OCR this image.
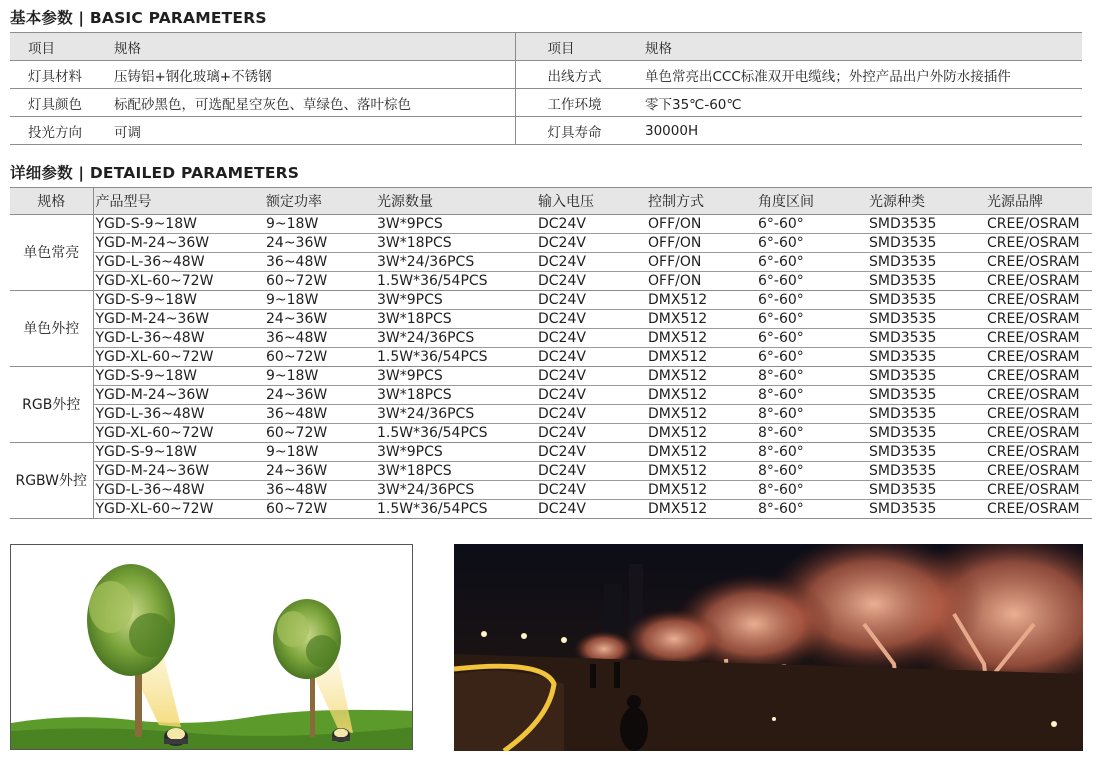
基本参数 | BASIC PARAMETERS
项目	规格	项目	规格
灯具材料	压铸铝+钢化玻璃+不锈钢	出线方式	单色常亮出CCC标准双开电缆线；外控产品出户外防水接插件
灯具颜色	标配砂黑色，可选配星空灰色、草绿色、落叶棕色	工作环境	零下35℃-60℃
投光方向	可调	灯具寿命	30000H
详细参数 | DETAILED PARAMETERS
规格	产品型号	额定功率	光源数量	输入电压	控制方式	角度区间	光源种类	光源品牌
单色常亮	YGD-S-9~18W	9~18W	3W*9PCS	DC24V	OFF/ON	6°-60°	SMD3535	CREE/OSRAM
	YGD-M-24~36W	24~36W	3W*18PCS	DC24V	OFF/ON	6°-60°	SMD3535	CREE/OSRAM
	YGD-L-36~48W	36~48W	3W*24/36PCS	DC24V	OFF/ON	6°-60°	SMD3535	CREE/OSRAM
	YGD-XL-60~72W	60~72W	1.5W*36/54PCS	DC24V	OFF/ON	6°-60°	SMD3535	CREE/OSRAM
单色外控	YGD-S-9~18W	9~18W	3W*9PCS	DC24V	DMX512	6°-60°	SMD3535	CREE/OSRAM
	YGD-M-24~36W	24~36W	3W*18PCS	DC24V	DMX512	6°-60°	SMD3535	CREE/OSRAM
	YGD-L-36~48W	36~48W	3W*24/36PCS	DC24V	DMX512	6°-60°	SMD3535	CREE/OSRAM
	YGD-XL-60~72W	60~72W	1.5W*36/54PCS	DC24V	DMX512	6°-60°	SMD3535	CREE/OSRAM
RGB外控	YGD-S-9~18W	9~18W	3W*9PCS	DC24V	DMX512	8°-60°	SMD3535	CREE/OSRAM
	YGD-M-24~36W	24~36W	3W*18PCS	DC24V	DMX512	8°-60°	SMD3535	CREE/OSRAM
	YGD-L-36~48W	36~48W	3W*24/36PCS	DC24V	DMX512	8°-60°	SMD3535	CREE/OSRAM
	YGD-XL-60~72W	60~72W	1.5W*36/54PCS	DC24V	DMX512	8°-60°	SMD3535	CREE/OSRAM
RGBW外控	YGD-S-9~18W	9~18W	3W*9PCS	DC24V	DMX512	8°-60°	SMD3535	CREE/OSRAM
	YGD-M-24~36W	24~36W	3W*18PCS	DC24V	DMX512	8°-60°	SMD3535	CREE/OSRAM
	YGD-L-36~48W	36~48W	3W*24/36PCS	DC24V	DMX512	8°-60°	SMD3535	CREE/OSRAM
	YGD-XL-60~72W	60~72W	1.5W*36/54PCS	DC24V	DMX512	8°-60°	SMD3535	CREE/OSRAM
